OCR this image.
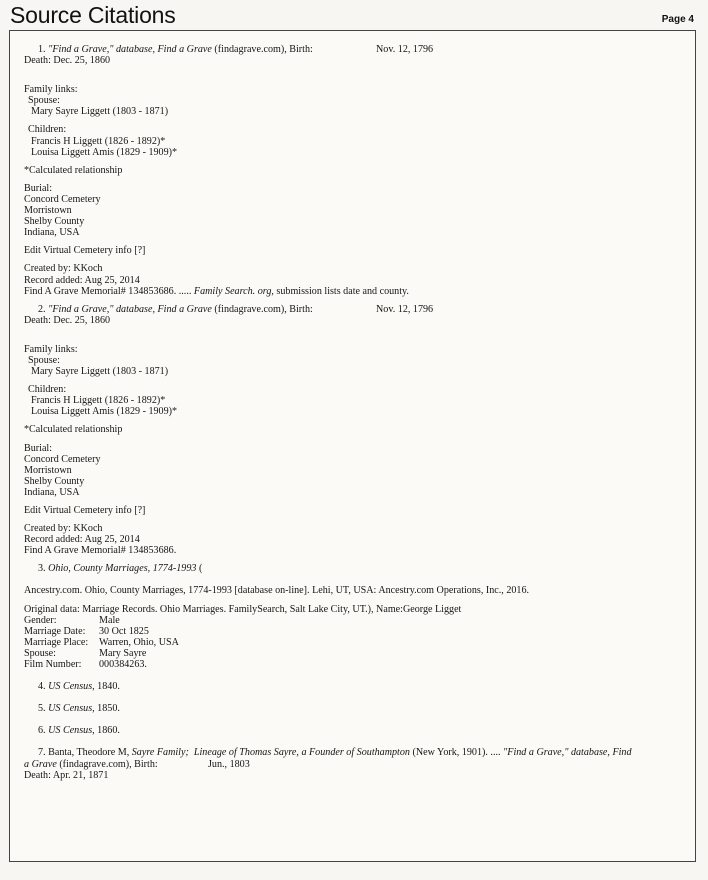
Source Citations	Page 4
1. "Find a Grave," database, Find a Grave (findagrave.com), Birth:	Nov. 12, 1796
Death: Dec. 25, 1860
Family links:
Spouse:
Mary Sayre Liggett (1803 - 1871)
Children:
Francis H Liggett (1826 - 1892)*
Louisa Liggett Amis (1829 - 1909)*
*Calculated relationship
Burial:
Concord Cemetery
Morristown
Shelby County
Indiana, USA
Edit Virtual Cemetery info [?]
Created by: KKoch
Record added: Aug 25, 2014
Find A Grave Memorial# 134853686. ..... Family Search. org, submission lists date and county.
2. "Find a Grave," database, Find a Grave (findagrave.com), Birth:	Nov. 12, 1796
Death: Dec. 25, 1860
Family links:
Spouse:
Mary Sayre Liggett (1803 - 1871)
Children:
Francis H Liggett (1826 - 1892)*
Louisa Liggett Amis (1829 - 1909)*
*Calculated relationship
Burial:
Concord Cemetery
Morristown
Shelby County
Indiana, USA
Edit Virtual Cemetery info [?]
Created by: KKoch
Record added: Aug 25, 2014
Find A Grave Memorial# 134853686.
3. Ohio, County Marriages, 1774-1993 (
Ancestry.com. Ohio, County Marriages, 1774-1993 [database on-line]. Lehi, UT, USA: Ancestry.com Operations, Inc., 2016.
Original data: Marriage Records. Ohio Marriages. FamilySearch, Salt Lake City, UT.), Name:George Ligget
Gender:	Male
Marriage Date: 30 Oct 1825
Marriage Place: Warren, Ohio, USA
Spouse:	Mary Sayre
Film Number: 000384263.
4. US Census, 1840.
5. US Census, 1850.
6. US Census, 1860.
7. Banta, Theodore M, Sayre Family;  Lineage of Thomas Sayre, a Founder of Southampton (New York, 1901). .... "Find a Grave," database, Find
a Grave (findagrave.com), Birth:	Jun., 1803
Death: Apr. 21, 1871
